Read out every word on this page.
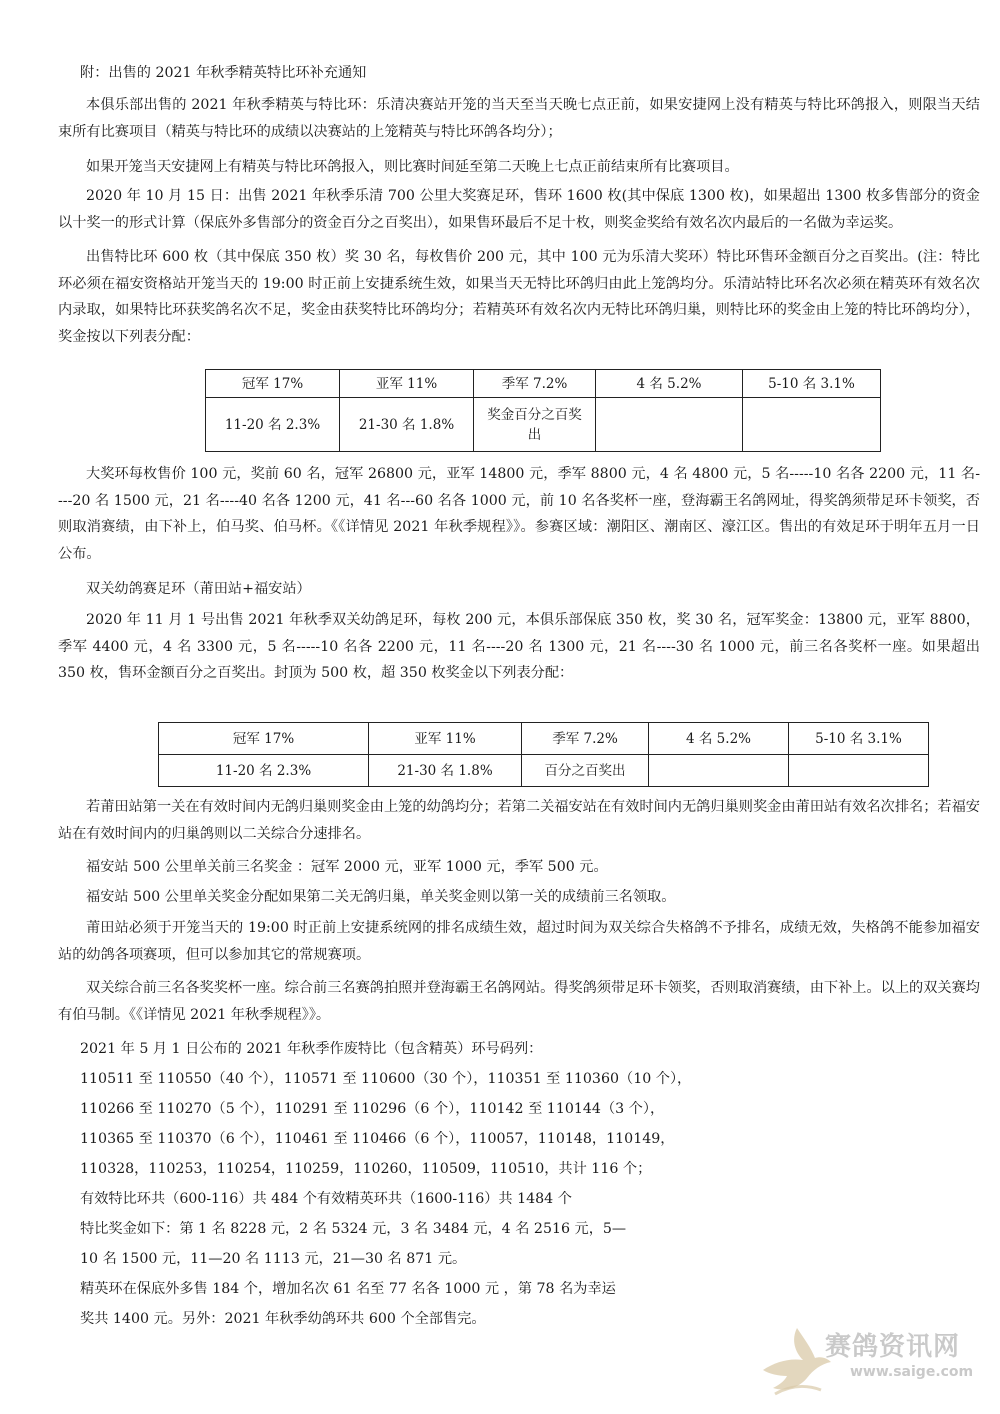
附：出售的 2021 年秋季精英特比环补充通知

本俱乐部出售的 2021 年秋季精英与特比环：乐清决赛站开笼的当天至当天晚七点正前，如果安捷网上没有精英与特比环鸽报入，则限当天结束所有比赛项目（精英与特比环的成绩以决赛站的上笼精英与特比环鸽各均分）；

如果开笼当天安捷网上有精英与特比环鸽报入，则比赛时间延至第二天晚上七点正前结束所有比赛项目。

2020 年 10 月 15 日：出售 2021 年秋季乐清 700 公里大奖赛足环，售环 1600 枚(其中保底 1300 枚)，如果超出 1300 枚多售部分的资金以十奖一的形式计算（保底外多售部分的资金百分之百奖出），如果售环最后不足十枚，则奖金奖给有效名次内最后的一名做为幸运奖。

出售特比环 600 枚（其中保底 350 枚）奖 30 名，每枚售价 200 元，其中 100 元为乐清大奖环）特比环售环金额百分之百奖出。(注：特比环必须在福安资格站开笼当天的 19:00 时正前上安捷系统生效，如果当天无特比环鸽归由此上笼鸽均分。乐清站特比环名次必须在精英环有效名次内录取，如果特比环获奖鸽名次不足，奖金由获奖特比环鸽均分；若精英环有效名次内无特比环鸽归巢，则特比环的奖金由上笼的特比环鸽均分），奖金按以下列表分配：

冠军 17%	亚军 11%	季军 7.2%	4 名 5.2%	5-10 名 3.1%
11-20 名 2.3%	21-30 名 1.8%	奖金百分之百奖出		

大奖环每枚售价 100 元，奖前 60 名，冠军 26800 元，亚军 14800 元，季军 8800 元，4 名 4800 元，5 名-----10 名各 2200 元，11 名----20 名 1500 元，21 名----40 名各 1200 元，41 名---60 名各 1000 元，前 10 名各奖杯一座，登海霸王名鸽网址，得奖鸽须带足环卡领奖，否则取消赛绩，由下补上，伯马奖、伯马杯。《《详情见 2021 年秋季规程》》。参赛区域：潮阳区、潮南区、濠江区。售出的有效足环于明年五月一日公布。

双关幼鸽赛足环（莆田站+福安站）

2020 年 11 月 1 号出售 2021 年秋季双关幼鸽足环，每枚 200 元，本俱乐部保底 350 枚，奖 30 名，冠军奖金：13800 元，亚军 8800，季军 4400 元，4 名 3300 元，5 名-----10 名各 2200 元，11 名----20 名 1300 元，21 名----30 名 1000 元，前三名各奖杯一座。如果超出 350 枚，售环金额百分之百奖出。封顶为 500 枚，超 350 枚奖金以下列表分配：

冠军 17%	亚军 11%	季军 7.2%	4 名 5.2%	5-10 名 3.1%
11-20 名 2.3%	21-30 名 1.8%	百分之百奖出		

若莆田站第一关在有效时间内无鸽归巢则奖金由上笼的幼鸽均分；若第二关福安站在有效时间内无鸽归巢则奖金由莆田站有效名次排名；若福安站在有效时间内的归巢鸽则以二关综合分速排名。

福安站 500 公里单关前三名奖金 ：冠军 2000 元，亚军 1000 元，季军 500 元。

福安站 500 公里单关奖金分配如果第二关无鸽归巢，单关奖金则以第一关的成绩前三名领取。

莆田站必须于开笼当天的 19:00 时正前上安捷系统网的排名成绩生效，超过时间为双关综合失格鸽不予排名，成绩无效，失格鸽不能参加福安站的幼鸽各项赛项，但可以参加其它的常规赛项。

双关综合前三名各奖奖杯一座。综合前三名赛鸽拍照并登海霸王名鸽网站。得奖鸽须带足环卡领奖，否则取消赛绩，由下补上。以上的双关赛均有伯马制。《《详情见 2021 年秋季规程》》。

2021 年 5 月 1 日公布的 2021 年秋季作废特比（包含精英）环号码列：

110511 至 110550（40 个），110571 至 110600（30 个），110351 至 110360（10 个），

110266 至 110270（5 个），110291 至 110296（6 个），110142 至 110144（3 个），

110365 至 110370（6 个），110461 至 110466（6 个），110057，110148，110149，

110328，110253，110254，110259，110260，110509，110510，共计 116 个；

有效特比环共（600-116）共 484 个有效精英环共（1600-116）共 1484 个

特比奖金如下：第 1 名 8228 元，2 名 5324 元，3 名 3484 元，4 名 2516 元，5—

10 名 1500 元，11—20 名 1113 元，21—30 名 871 元。

精英环在保底外多售 184 个，增加名次 61 名至 77 名各 1000 元 ，第 78 名为幸运

奖共 1400 元。另外：2021 年秋季幼鸽环共 600 个全部售完。

赛鸽资讯网
www.saige.com
